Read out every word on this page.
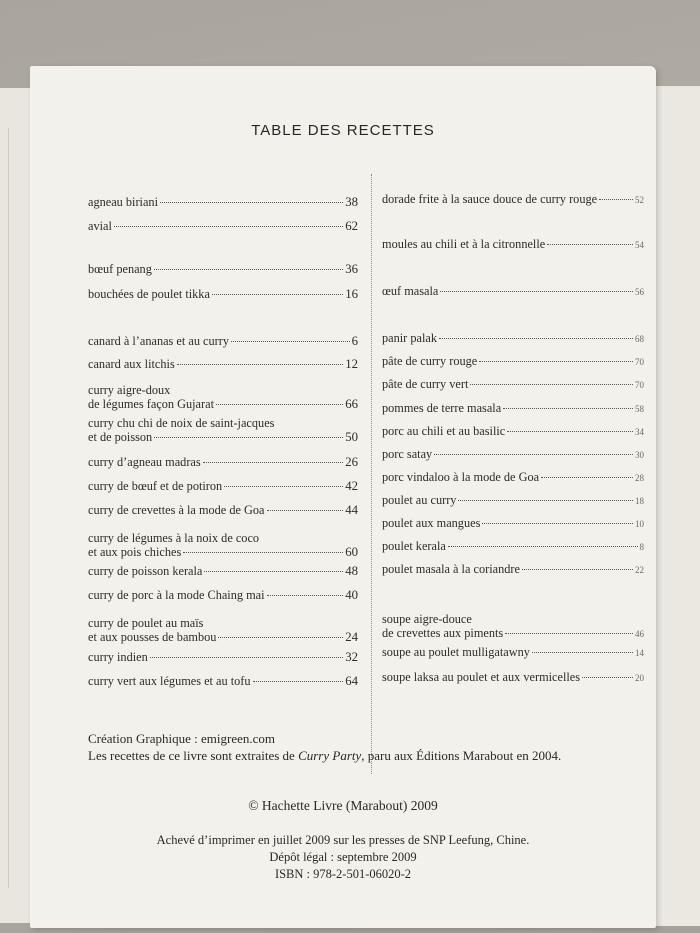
TABLE DES RECETTES
agneau biriani	38
avial	62
bœuf penang	36
bouchées de poulet tikka	16
canard à l’ananas et au curry	6
canard aux litchis	12
curry aigre-doux
de légumes façon Gujarat	66
curry chu chi de noix de saint-jacques
et de poisson	50
curry d’agneau madras	26
curry de bœuf et de potiron	42
curry de crevettes à la mode de Goa	44
curry de légumes à la noix de coco
et aux pois chiches	60
curry de poisson kerala	48
curry de porc à la mode Chaing mai	40
curry de poulet au maïs
et aux pousses de bambou	24
curry indien	32
curry vert aux légumes et au tofu	64
dorade frite à la sauce douce de curry rouge	52
moules au chili et à la citronnelle	54
œuf masala	56
panir palak	68
pâte de curry rouge	70
pâte de curry vert	70
pommes de terre masala	58
porc au chili et au basilic	34
porc satay	30
porc vindaloo à la mode de Goa	28
poulet au curry	18
poulet aux mangues	10
poulet kerala	8
poulet masala à la coriandre	22
soupe aigre-douce
de crevettes aux piments	46
soupe au poulet mulligatawny	14
soupe laksa au poulet et aux vermicelles	20
Création Graphique : emigreen.com
Les recettes de ce livre sont extraites de Curry Party, paru aux Éditions Marabout en 2004.
© Hachette Livre (Marabout) 2009
Achevé d’imprimer en juillet 2009 sur les presses de SNP Leefung, Chine.
Dépôt légal : septembre 2009
ISBN : 978-2-501-06020-2
